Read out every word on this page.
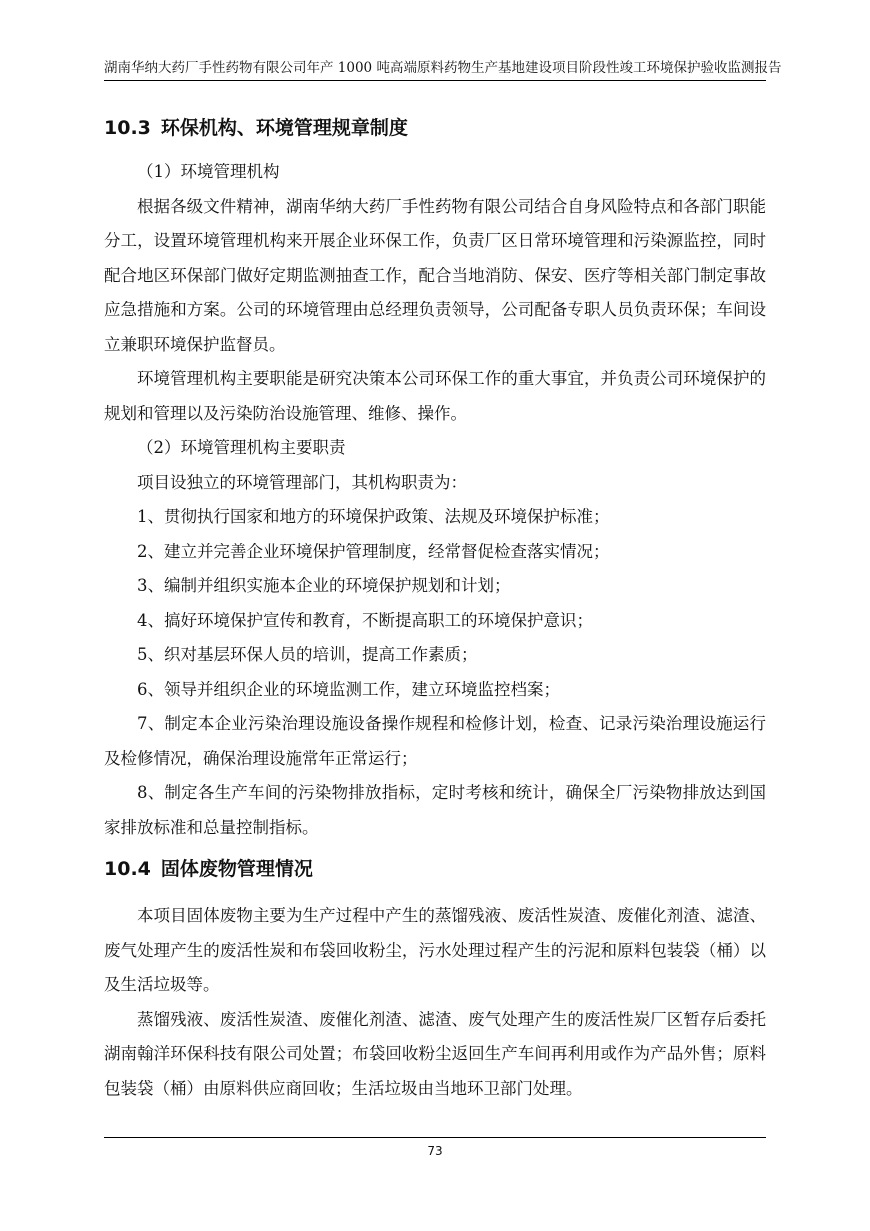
湖南华纳大药厂手性药物有限公司年产 1000 吨高端原料药物生产基地建设项目阶段性竣工环境保护验收监测报告
10.3 环保机构、环境管理规章制度

（1）环境管理机构

根据各级文件精神，湖南华纳大药厂手性药物有限公司结合自身风险特点和各部门职能分工，设置环境管理机构来开展企业环保工作，负责厂区日常环境管理和污染源监控，同时配合地区环保部门做好定期监测抽查工作，配合当地消防、保安、医疗等相关部门制定事故应急措施和方案。公司的环境管理由总经理负责领导，公司配备专职人员负责环保；车间设立兼职环境保护监督员。

环境管理机构主要职能是研究决策本公司环保工作的重大事宜，并负责公司环境保护的规划和管理以及污染防治设施管理、维修、操作。

（2）环境管理机构主要职责

项目设独立的环境管理部门，其机构职责为：

1、贯彻执行国家和地方的环境保护政策、法规及环境保护标准；

2、建立并完善企业环境保护管理制度，经常督促检查落实情况；

3、编制并组织实施本企业的环境保护规划和计划；

4、搞好环境保护宣传和教育，不断提高职工的环境保护意识；

5、织对基层环保人员的培训，提高工作素质；

6、领导并组织企业的环境监测工作，建立环境监控档案；

7、制定本企业污染治理设施设备操作规程和检修计划，检查、记录污染治理设施运行及检修情况，确保治理设施常年正常运行；

8、制定各生产车间的污染物排放指标，定时考核和统计，确保全厂污染物排放达到国家排放标准和总量控制指标。

10.4 固体废物管理情况

本项目固体废物主要为生产过程中产生的蒸馏残液、废活性炭渣、废催化剂渣、滤渣、废气处理产生的废活性炭和布袋回收粉尘，污水处理过程产生的污泥和原料包装袋（桶）以及生活垃圾等。

蒸馏残液、废活性炭渣、废催化剂渣、滤渣、废气处理产生的废活性炭厂区暂存后委托湖南翰洋环保科技有限公司处置；布袋回收粉尘返回生产车间再利用或作为产品外售；原料包装袋（桶）由原料供应商回收；生活垃圾由当地环卫部门处理。

73
